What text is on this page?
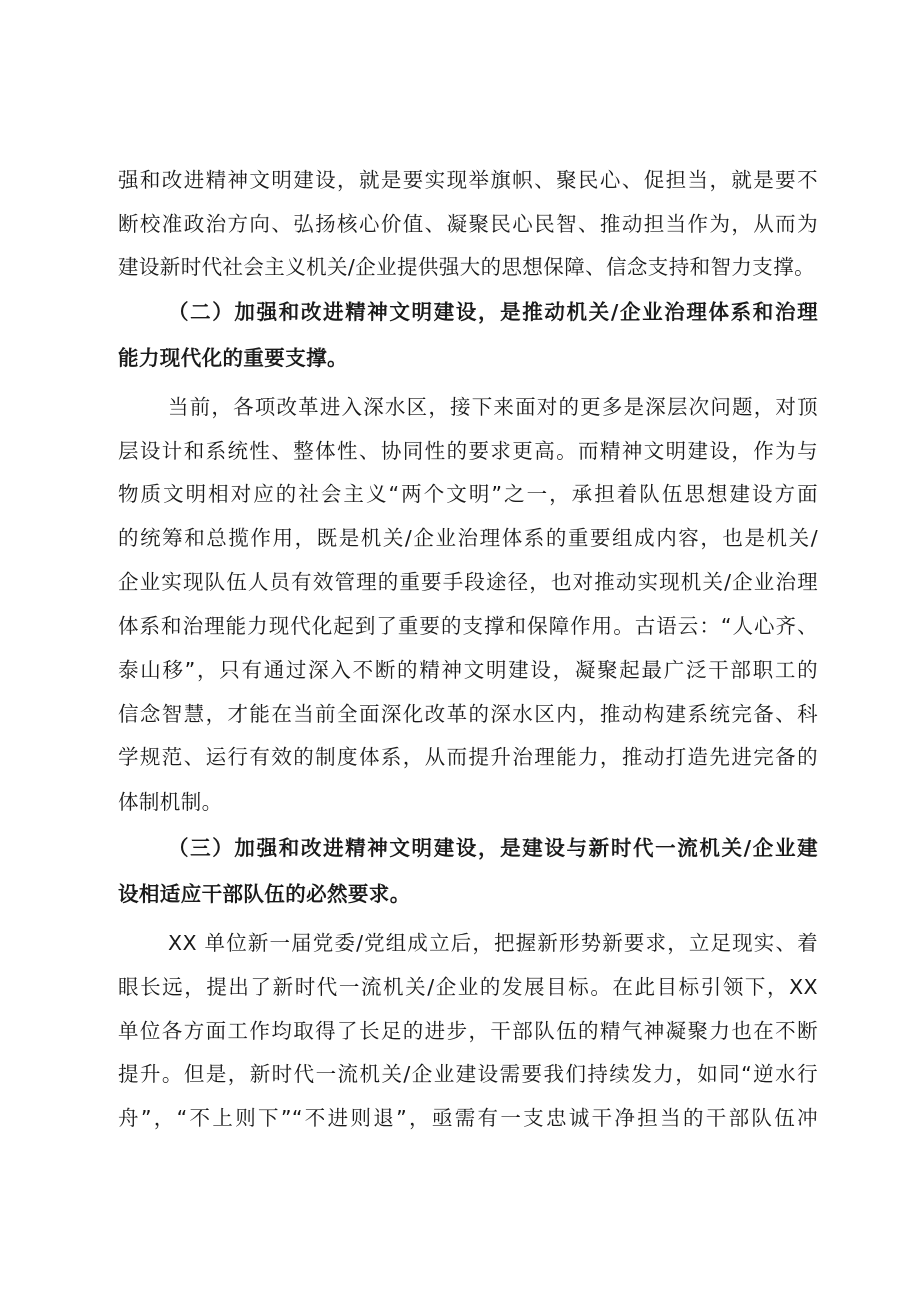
强和改进精神文明建设，就是要实现举旗帜、聚民心、促担当，就是要不
断校准政治方向、弘扬核心价值、凝聚民心民智、推动担当作为，从而为
建设新时代社会主义机关/企业提供强大的思想保障、信念支持和智力支撑。
（二）加强和改进精神文明建设，是推动机关/企业治理体系和治理
能力现代化的重要支撑。
当前，各项改革进入深水区，接下来面对的更多是深层次问题，对顶
层设计和系统性、整体性、协同性的要求更高。而精神文明建设，作为与
物质文明相对应的社会主义“两个文明”之一，承担着队伍思想建设方面
的统筹和总揽作用，既是机关/企业治理体系的重要组成内容，也是机关/
企业实现队伍人员有效管理的重要手段途径，也对推动实现机关/企业治理
体系和治理能力现代化起到了重要的支撑和保障作用。古语云：“人心齐、
泰山移”，只有通过深入不断的精神文明建设，凝聚起最广泛干部职工的
信念智慧，才能在当前全面深化改革的深水区内，推动构建系统完备、科
学规范、运行有效的制度体系，从而提升治理能力，推动打造先进完备的
体制机制。
（三）加强和改进精神文明建设，是建设与新时代一流机关/企业建
设相适应干部队伍的必然要求。
XX 单位新一届党委/党组成立后，把握新形势新要求，立足现实、着
眼长远，提出了新时代一流机关/企业的发展目标。在此目标引领下，XX
单位各方面工作均取得了长足的进步，干部队伍的精气神凝聚力也在不断
提升。但是，新时代一流机关/企业建设需要我们持续发力，如同“逆水行
舟”，“不上则下”“不进则退”，亟需有一支忠诚干净担当的干部队伍冲
